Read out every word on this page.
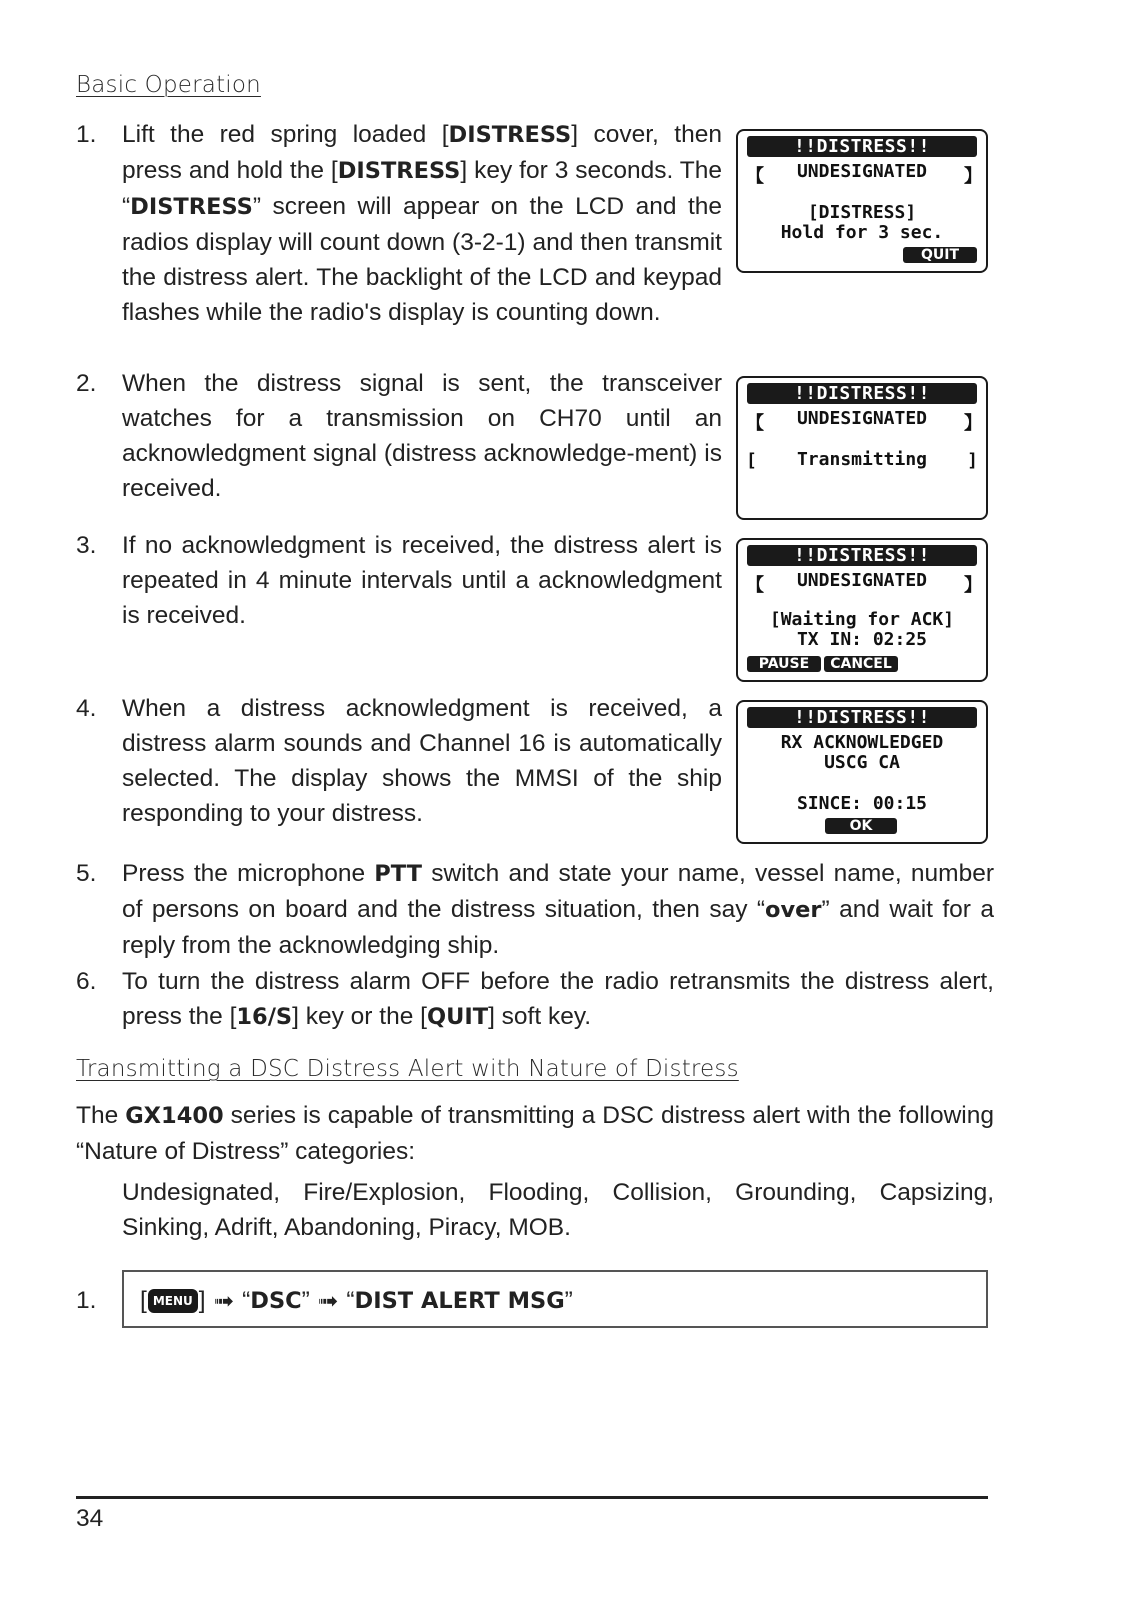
Basic Operation
1.	Lift the red spring loaded [DISTRESS] cover, then press and hold the [DISTRESS] key for 3 seconds. The “DISTRESS” screen will appear on the LCD and the radios display will count down (3-2-1) and then transmit the distress alert. The backlight of the LCD and keypad flashes while the radio's display is counting down.
2.	When the distress signal is sent, the transceiver watches for a transmission on CH70 until an acknowledgment signal (distress acknowledge-ment) is received.
3.	If no acknowledgment is received, the distress alert is repeated in 4 minute intervals until a acknowledgment is received.
4.	When a distress acknowledgment is received, a distress alarm sounds and Channel 16 is automatically selected. The display shows the MMSI of the ship responding to your distress.
5.	Press the microphone PTT switch and state your name, vessel name, number of persons on board and the distress situation, then say “over” and wait for a reply from the acknowledging ship.
6.	To turn the distress alarm OFF before the radio retransmits the distress alert, press the [16/S] key or the [QUIT] soft key.
!!DISTRESS!!
【	UNDESIGNATED	】
[DISTRESS]
Hold for 3 sec.
QUIT
!!DISTRESS!!
【	UNDESIGNATED	】
[	Transmitting	]
!!DISTRESS!!
【	UNDESIGNATED	】
[Waiting for ACK]
TX IN: 02:25
PAUSE	CANCEL
!!DISTRESS!!
RX ACKNOWLEDGED
USCG CA
SINCE: 00:15
OK
Transmitting a DSC Distress Alert with Nature of Distress
The GX1400 series is capable of transmitting a DSC distress alert with the following “Nature of Distress” categories:
Undesignated, Fire/Explosion, Flooding, Collision, Grounding, Capsizing, Sinking, Adrift, Abandoning, Piracy, MOB.
1. [ MENU ] ➟ “ DSC ” ➟ “ DIST ALERT MSG ”
34
